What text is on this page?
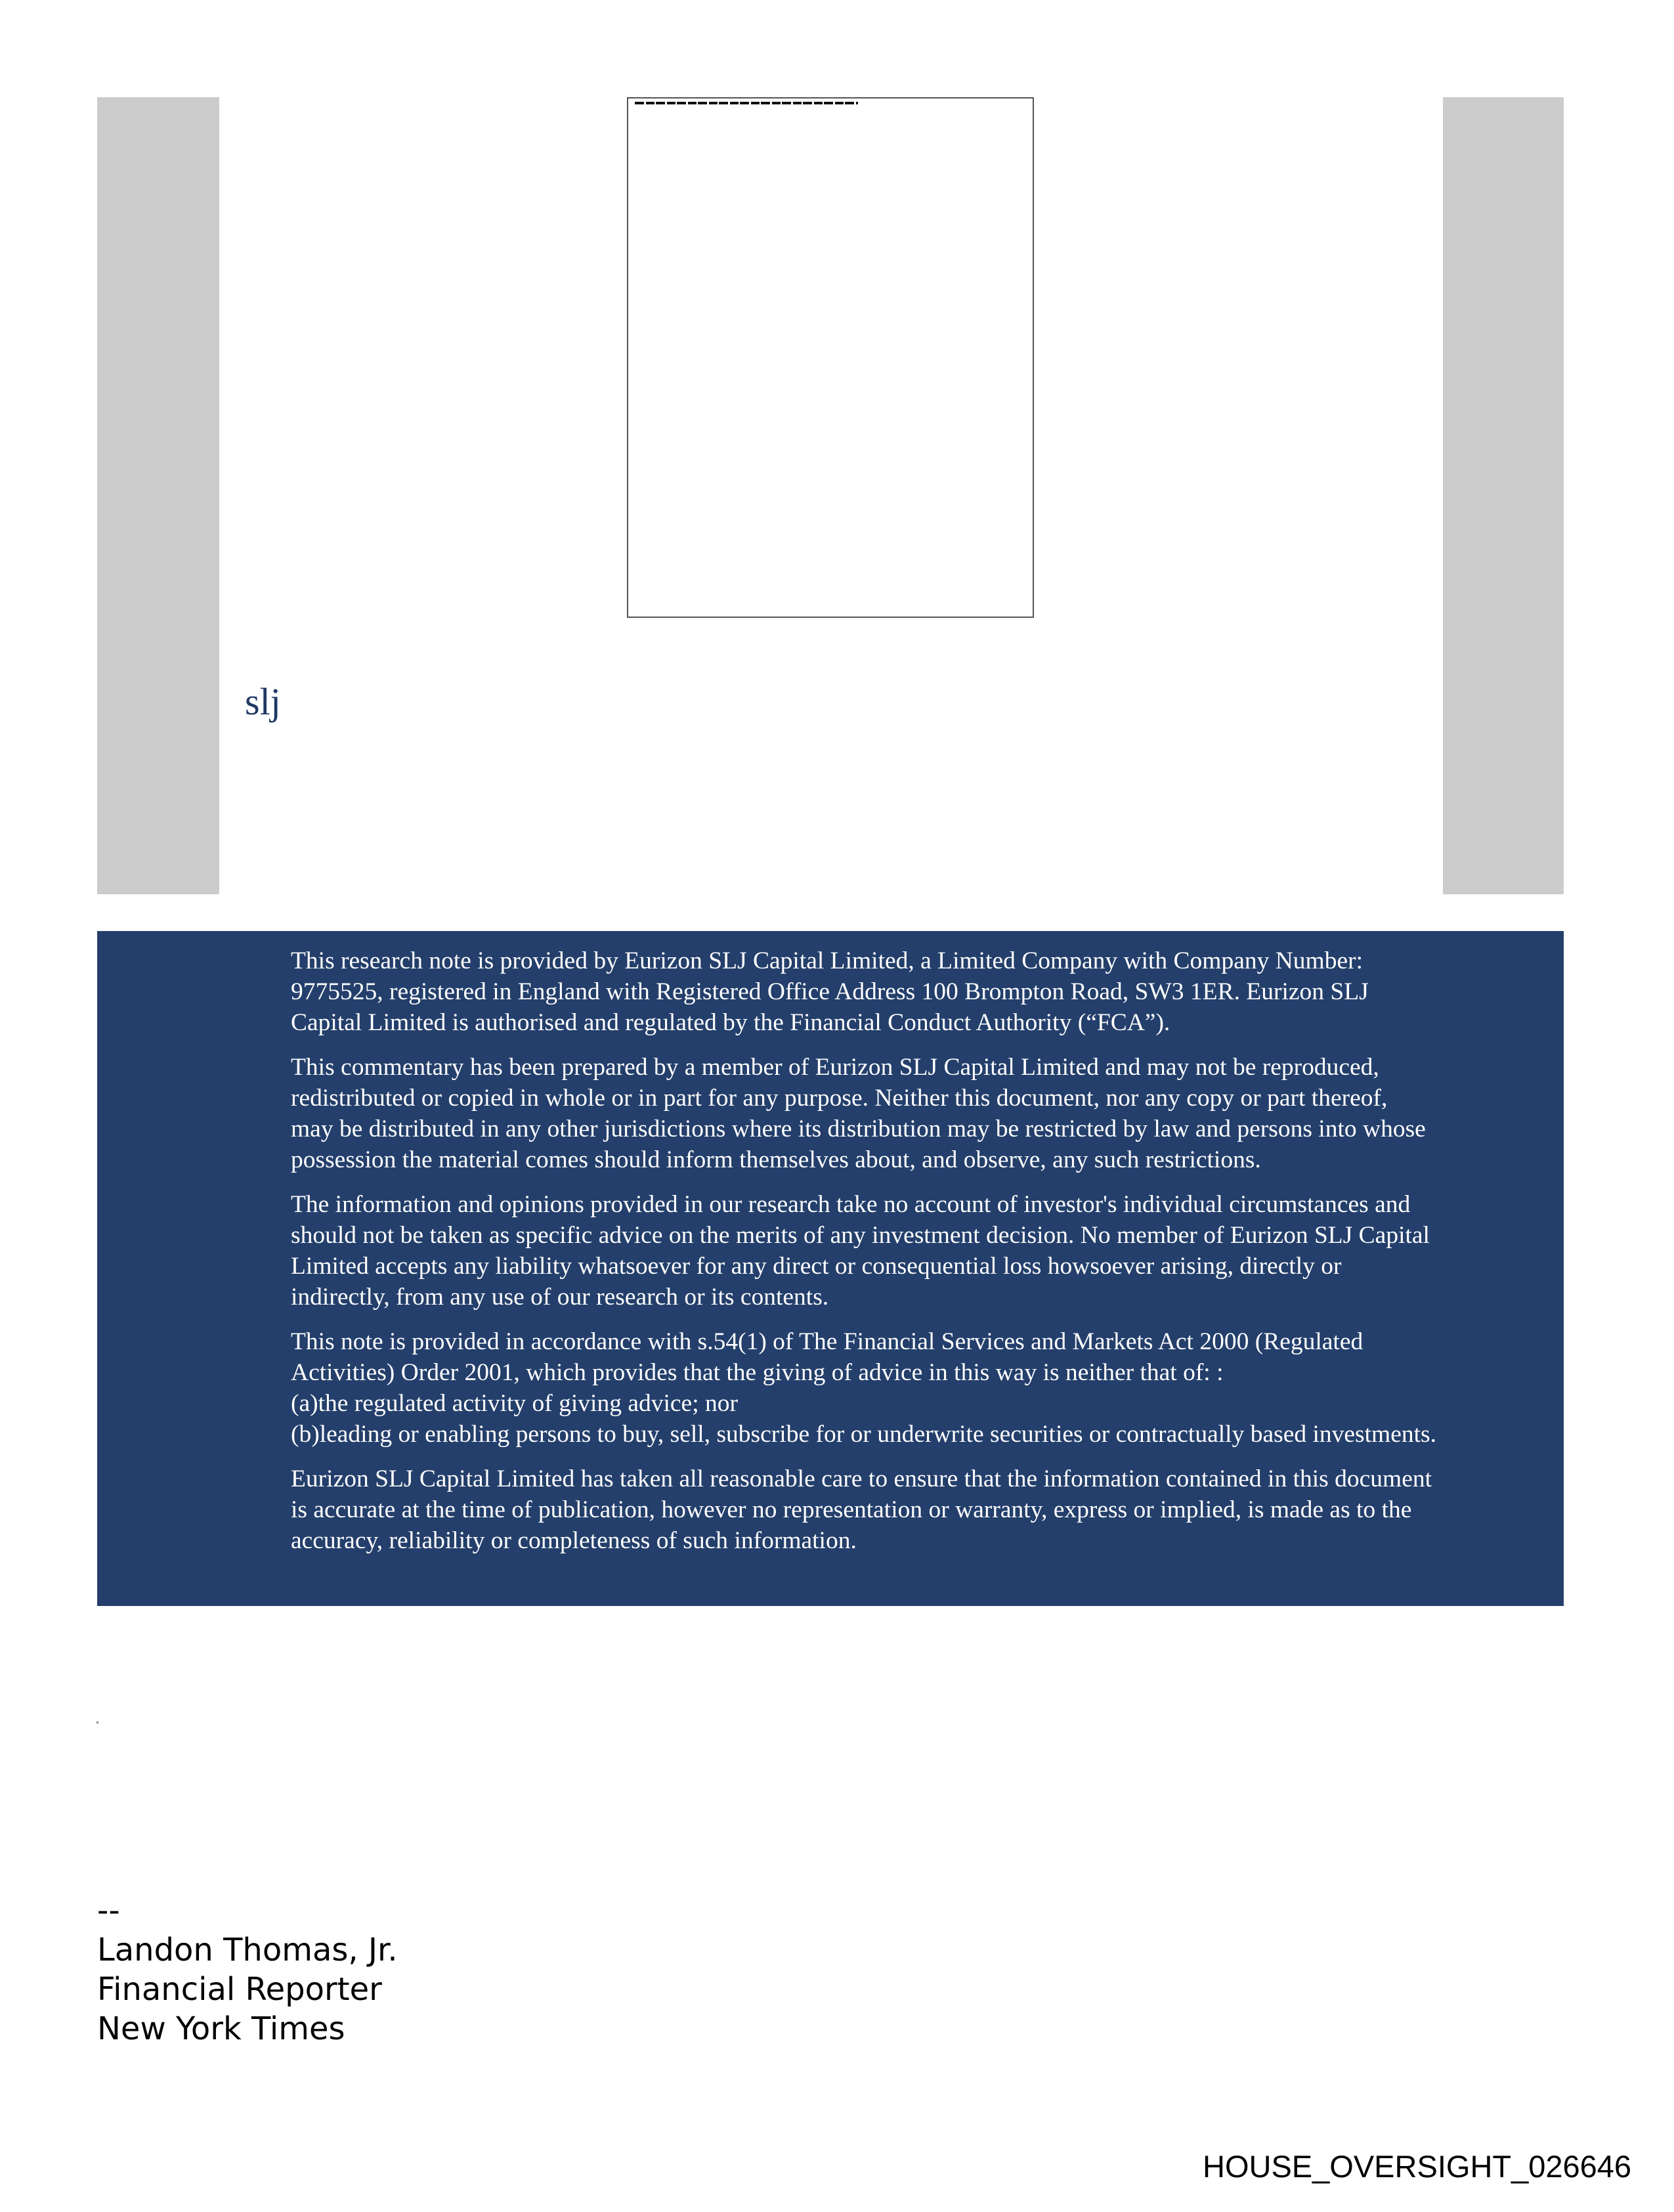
slj

This research note is provided by Eurizon SLJ Capital Limited, a Limited Company with Company Number:
9775525, registered in England with Registered Office Address 100 Brompton Road, SW3 1ER. Eurizon SLJ
Capital Limited is authorised and regulated by the Financial Conduct Authority (“FCA”).

This commentary has been prepared by a member of Eurizon SLJ Capital Limited and may not be reproduced,
redistributed or copied in whole or in part for any purpose. Neither this document, nor any copy or part thereof,
may be distributed in any other jurisdictions where its distribution may be restricted by law and persons into whose
possession the material comes should inform themselves about, and observe, any such restrictions.

The information and opinions provided in our research take no account of investor's individual circumstances and
should not be taken as specific advice on the merits of any investment decision. No member of Eurizon SLJ Capital
Limited accepts any liability whatsoever for any direct or consequential loss howsoever arising, directly or
indirectly, from any use of our research or its contents.

This note is provided in accordance with s.54(1) of The Financial Services and Markets Act 2000 (Regulated
Activities) Order 2001, which provides that the giving of advice in this way is neither that of: :
(a)the regulated activity of giving advice; nor
(b)leading or enabling persons to buy, sell, subscribe for or underwrite securities or contractually based investments.

Eurizon SLJ Capital Limited has taken all reasonable care to ensure that the information contained in this document
is accurate at the time of publication, however no representation or warranty, express or implied, is made as to the
accuracy, reliability or completeness of such information.

--
Landon Thomas, Jr.
Financial Reporter
New York Times
HOUSE_OVERSIGHT_026646
